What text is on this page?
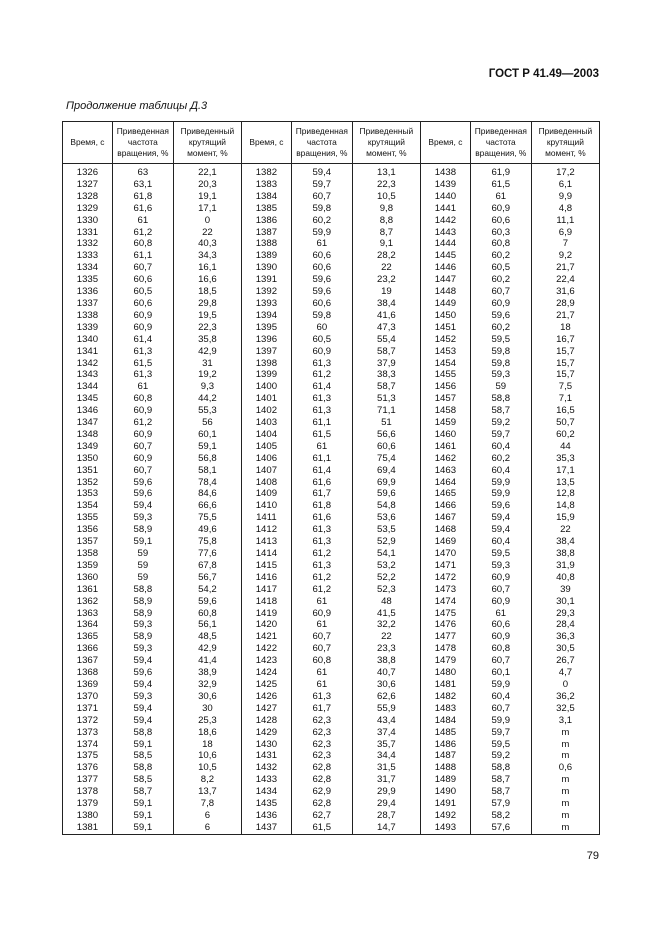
ГОСТ Р 41.49—2003
Продолжение таблицы Д.3
Время, с	Приведенная частота вращения, %	Приведенный крутящий момент, %	Время, с	Приведенная частота вращения, %	Приведенный крутящий момент, %	Время, с	Приведенная частота вращения, %	Приведенный крутящий момент, %
1326	63	22,1	1382	59,4	13,1	1438	61,9	17,2
1327	63,1	20,3	1383	59,7	22,3	1439	61,5	6,1
1328	61,8	19,1	1384	60,7	10,5	1440	61	9,9
1329	61,6	17,1	1385	59,8	9,8	1441	60,9	4,8
1330	61	0	1386	60,2	8,8	1442	60,6	11,1
1331	61,2	22	1387	59,9	8,7	1443	60,3	6,9
1332	60,8	40,3	1388	61	9,1	1444	60,8	7
1333	61,1	34,3	1389	60,6	28,2	1445	60,2	9,2
1334	60,7	16,1	1390	60,6	22	1446	60,5	21,7
1335	60,6	16,6	1391	59,6	23,2	1447	60,2	22,4
1336	60,5	18,5	1392	59,6	19	1448	60,7	31,6
1337	60,6	29,8	1393	60,6	38,4	1449	60,9	28,9
1338	60,9	19,5	1394	59,8	41,6	1450	59,6	21,7
1339	60,9	22,3	1395	60	47,3	1451	60,2	18
1340	61,4	35,8	1396	60,5	55,4	1452	59,5	16,7
1341	61,3	42,9	1397	60,9	58,7	1453	59,8	15,7
1342	61,5	31	1398	61,3	37,9	1454	59,8	15,7
1343	61,3	19,2	1399	61,2	38,3	1455	59,3	15,7
1344	61	9,3	1400	61,4	58,7	1456	59	7,5
1345	60,8	44,2	1401	61,3	51,3	1457	58,8	7,1
1346	60,9	55,3	1402	61,3	71,1	1458	58,7	16,5
1347	61,2	56	1403	61,1	51	1459	59,2	50,7
1348	60,9	60,1	1404	61,5	56,6	1460	59,7	60,2
1349	60,7	59,1	1405	61	60,6	1461	60,4	44
1350	60,9	56,8	1406	61,1	75,4	1462	60,2	35,3
1351	60,7	58,1	1407	61,4	69,4	1463	60,4	17,1
1352	59,6	78,4	1408	61,6	69,9	1464	59,9	13,5
1353	59,6	84,6	1409	61,7	59,6	1465	59,9	12,8
1354	59,4	66,6	1410	61,8	54,8	1466	59,6	14,8
1355	59,3	75,5	1411	61,6	53,6	1467	59,4	15,9
1356	58,9	49,6	1412	61,3	53,5	1468	59,4	22
1357	59,1	75,8	1413	61,3	52,9	1469	60,4	38,4
1358	59	77,6	1414	61,2	54,1	1470	59,5	38,8
1359	59	67,8	1415	61,3	53,2	1471	59,3	31,9
1360	59	56,7	1416	61,2	52,2	1472	60,9	40,8
1361	58,8	54,2	1417	61,2	52,3	1473	60,7	39
1362	58,9	59,6	1418	61	48	1474	60,9	30,1
1363	58,9	60,8	1419	60,9	41,5	1475	61	29,3
1364	59,3	56,1	1420	61	32,2	1476	60,6	28,4
1365	58,9	48,5	1421	60,7	22	1477	60,9	36,3
1366	59,3	42,9	1422	60,7	23,3	1478	60,8	30,5
1367	59,4	41,4	1423	60,8	38,8	1479	60,7	26,7
1368	59,6	38,9	1424	61	40,7	1480	60,1	4,7
1369	59,4	32,9	1425	61	30,6	1481	59,9	0
1370	59,3	30,6	1426	61,3	62,6	1482	60,4	36,2
1371	59,4	30	1427	61,7	55,9	1483	60,7	32,5
1372	59,4	25,3	1428	62,3	43,4	1484	59,9	3,1
1373	58,8	18,6	1429	62,3	37,4	1485	59,7	m
1374	59,1	18	1430	62,3	35,7	1486	59,5	m
1375	58,5	10,6	1431	62,3	34,4	1487	59,2	m
1376	58,8	10,5	1432	62,8	31,5	1488	58,8	0,6
1377	58,5	8,2	1433	62,8	31,7	1489	58,7	m
1378	58,7	13,7	1434	62,9	29,9	1490	58,7	m
1379	59,1	7,8	1435	62,8	29,4	1491	57,9	m
1380	59,1	6	1436	62,7	28,7	1492	58,2	m
1381	59,1	6	1437	61,5	14,7	1493	57,6	m
79
